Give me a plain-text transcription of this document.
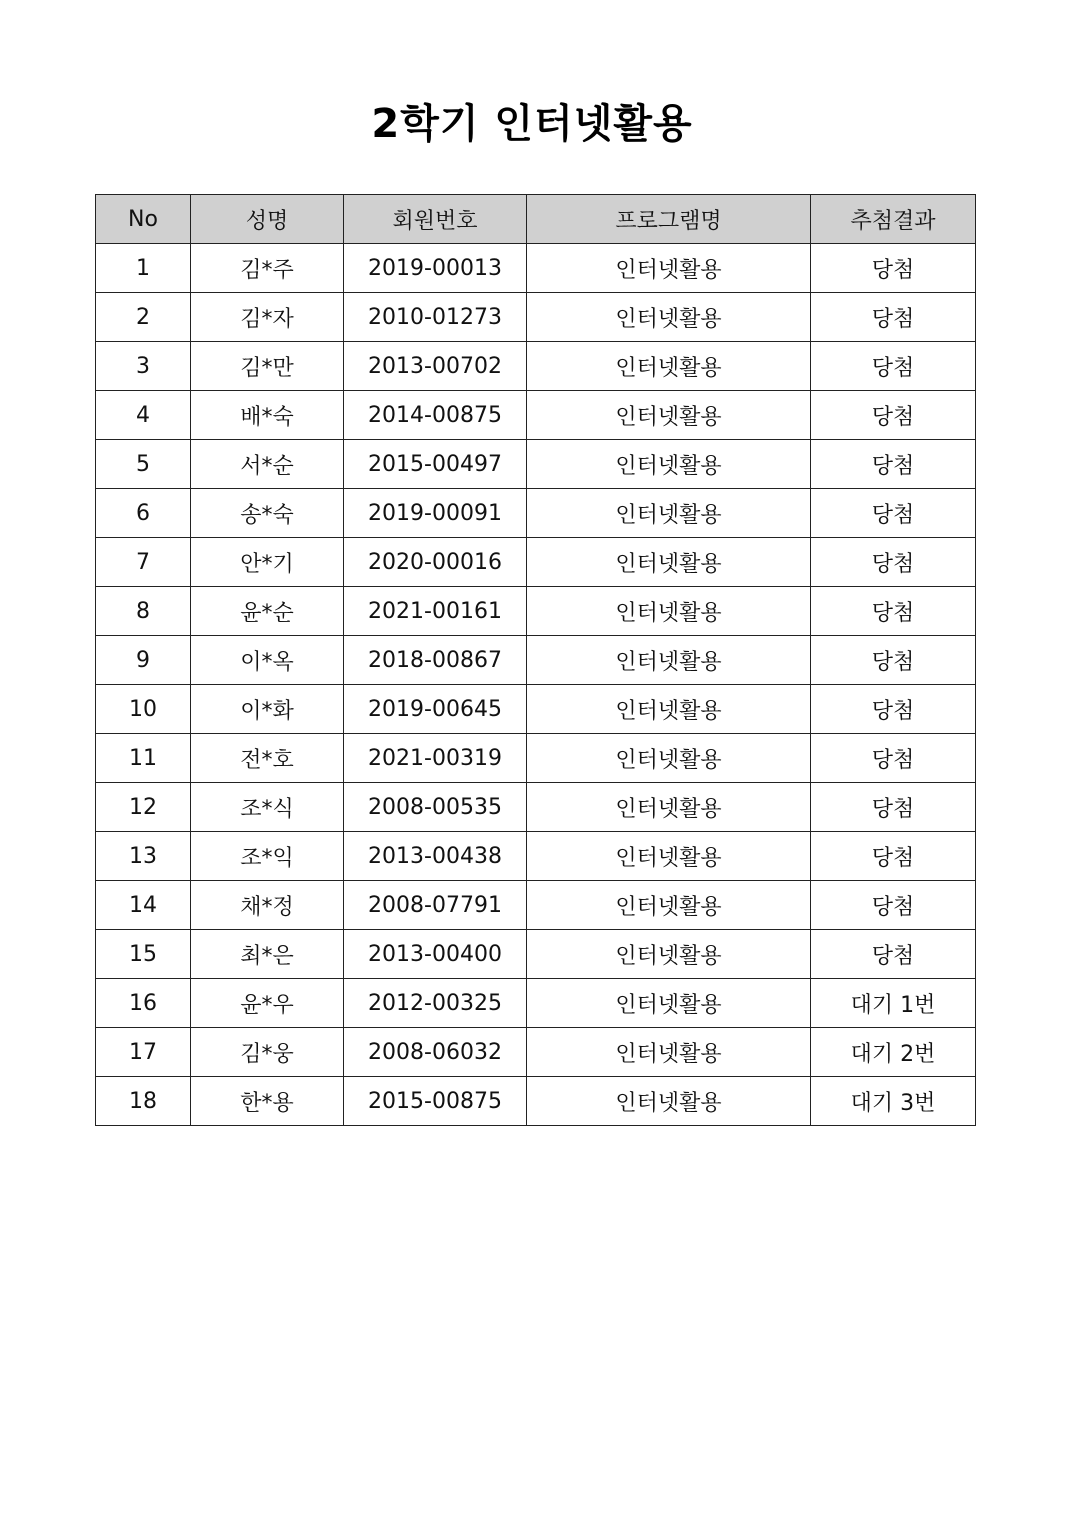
2학기 인터넷활용
No	성명	회원번호	프로그램명	추첨결과
1	김*주	2019-00013	인터넷활용	당첨
2	김*자	2010-01273	인터넷활용	당첨
3	김*만	2013-00702	인터넷활용	당첨
4	배*숙	2014-00875	인터넷활용	당첨
5	서*순	2015-00497	인터넷활용	당첨
6	송*숙	2019-00091	인터넷활용	당첨
7	안*기	2020-00016	인터넷활용	당첨
8	윤*순	2021-00161	인터넷활용	당첨
9	이*옥	2018-00867	인터넷활용	당첨
10	이*화	2019-00645	인터넷활용	당첨
11	전*호	2021-00319	인터넷활용	당첨
12	조*식	2008-00535	인터넷활용	당첨
13	조*익	2013-00438	인터넷활용	당첨
14	채*정	2008-07791	인터넷활용	당첨
15	최*은	2013-00400	인터넷활용	당첨
16	윤*우	2012-00325	인터넷활용	대기 1번
17	김*웅	2008-06032	인터넷활용	대기 2번
18	한*용	2015-00875	인터넷활용	대기 3번
